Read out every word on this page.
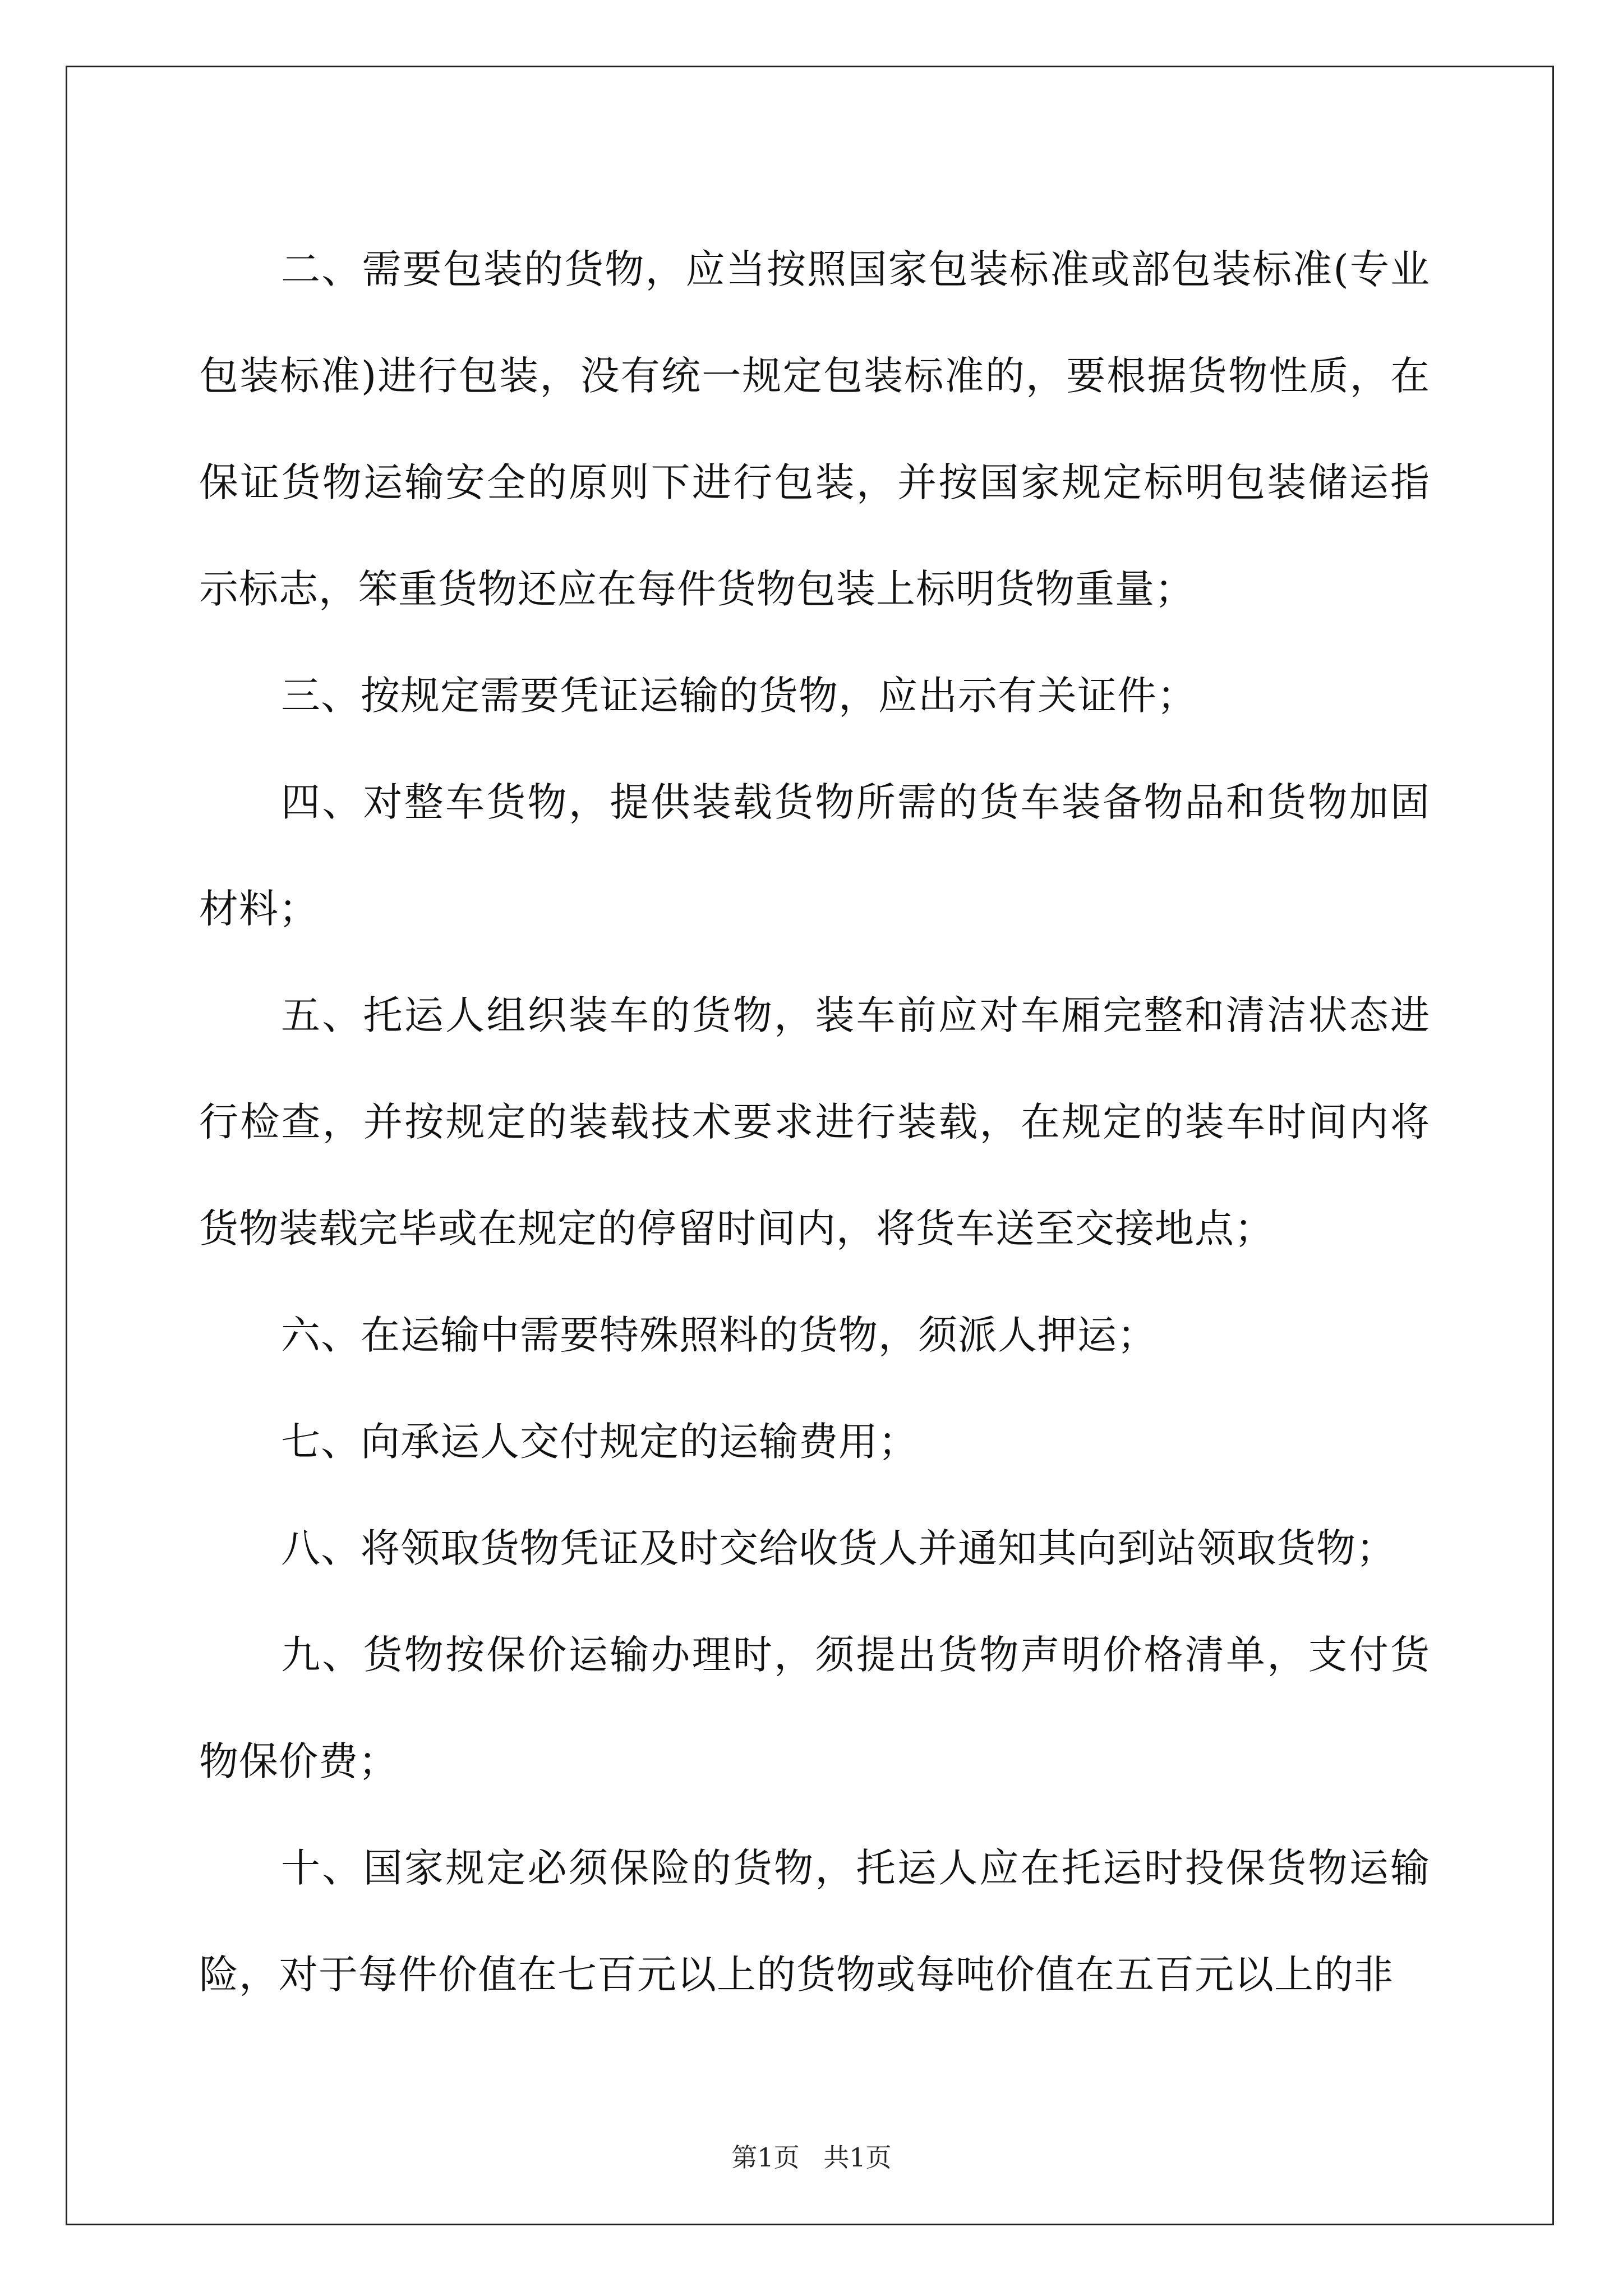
二、需要包装的货物，应当按照国家包装标准或部包装标准(专业包装标准)进行包装，没有统一规定包装标准的，要根据货物性质，在保证货物运输安全的原则下进行包装，并按国家规定标明包装储运指示标志，笨重货物还应在每件货物包装上标明货物重量；

三、按规定需要凭证运输的货物，应出示有关证件；

四、对整车货物，提供装载货物所需的货车装备物品和货物加固材料；

五、托运人组织装车的货物，装车前应对车厢完整和清洁状态进行检查，并按规定的装载技术要求进行装载，在规定的装车时间内将货物装载完毕或在规定的停留时间内，将货车送至交接地点；

六、在运输中需要特殊照料的货物，须派人押运；

七、向承运人交付规定的运输费用；

八、将领取货物凭证及时交给收货人并通知其向到站领取货物；

九、货物按保价运输办理时，须提出货物声明价格清单，支付货物保价费；

十、国家规定必须保险的货物，托运人应在托运时投保货物运输险，对于每件价值在七百元以上的货物或每吨价值在五百元以上的非

第1页 共1页
